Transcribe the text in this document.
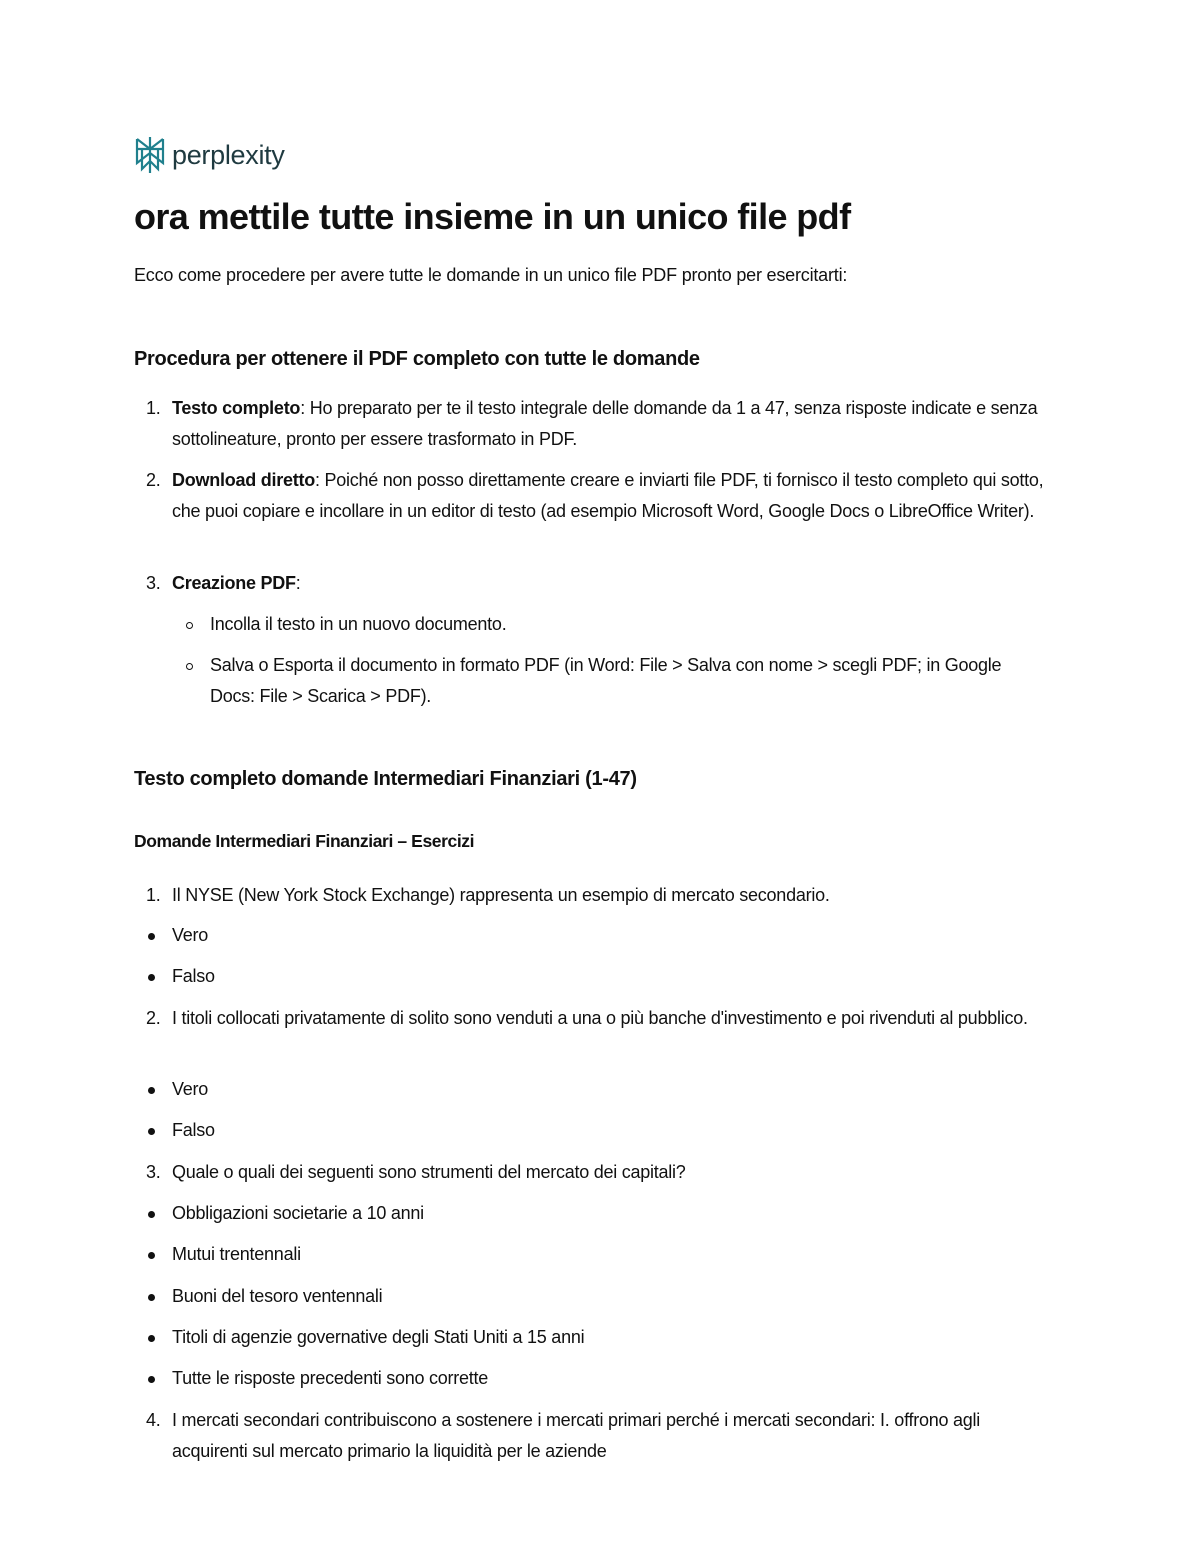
perplexity
ora mettile tutte insieme in un unico file pdf
Ecco come procedere per avere tutte le domande in un unico file PDF pronto per esercitarti:
Procedura per ottenere il PDF completo con tutte le domande
1. Testo completo: Ho preparato per te il testo integrale delle domande da 1 a 47, senza risposte indicate e senza sottolineature, pronto per essere trasformato in PDF.
2. Download diretto: Poiché non posso direttamente creare e inviarti file PDF, ti fornisco il testo completo qui sotto, che puoi copiare e incollare in un editor di testo (ad esempio Microsoft Word, Google Docs o LibreOffice Writer).
3. Creazione PDF:
Incolla il testo in un nuovo documento.
Salva o Esporta il documento in formato PDF (in Word: File > Salva con nome > scegli PDF; in Google Docs: File > Scarica > PDF).
Testo completo domande Intermediari Finanziari (1-47)
Domande Intermediari Finanziari – Esercizi
1. Il NYSE (New York Stock Exchange) rappresenta un esempio di mercato secondario.
Vero
Falso
2. I titoli collocati privatamente di solito sono venduti a una o più banche d'investimento e poi rivenduti al pubblico.
Vero
Falso
3. Quale o quali dei seguenti sono strumenti del mercato dei capitali?
Obbligazioni societarie a 10 anni
Mutui trentennali
Buoni del tesoro ventennali
Titoli di agenzie governative degli Stati Uniti a 15 anni
Tutte le risposte precedenti sono corrette
4. I mercati secondari contribuiscono a sostenere i mercati primari perché i mercati secondari: I. offrono agli acquirenti sul mercato primario la liquidità per le aziende
